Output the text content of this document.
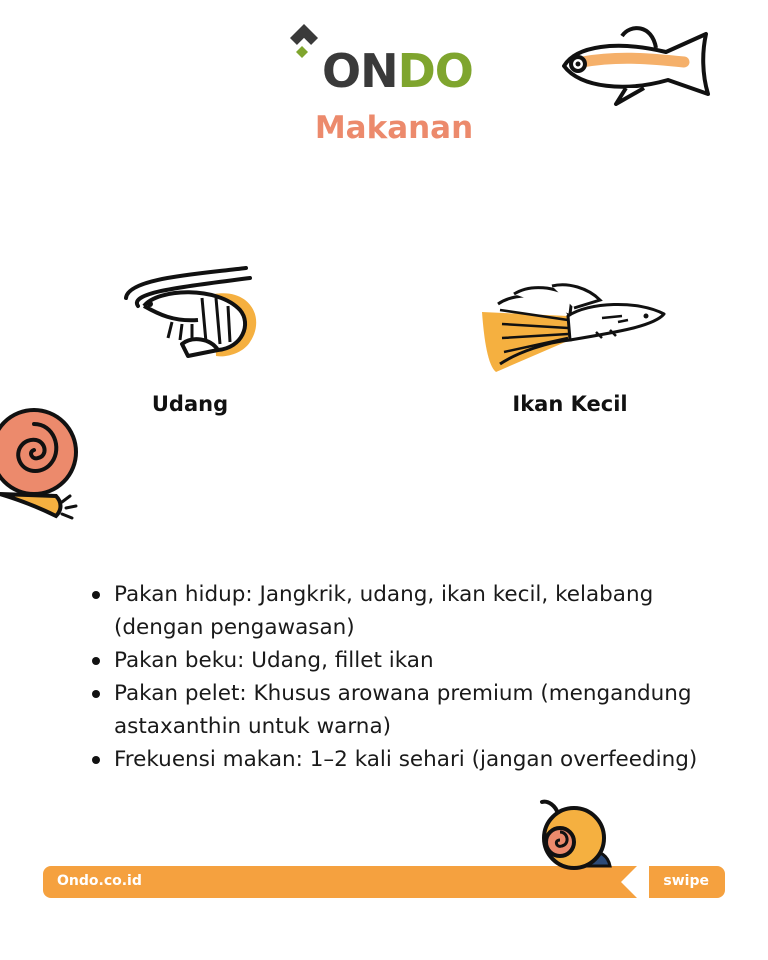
ONDO
Makanan
Udang	Ikan Kecil
Pakan hidup: Jangkrik, udang, ikan kecil, kelabang (dengan pengawasan)
Pakan beku: Udang, fillet ikan
Pakan pelet: Khusus arowana premium (mengandung astaxanthin untuk warna)
Frekuensi makan: 1–2 kali sehari (jangan overfeeding)
Ondo.co.id	swipe
